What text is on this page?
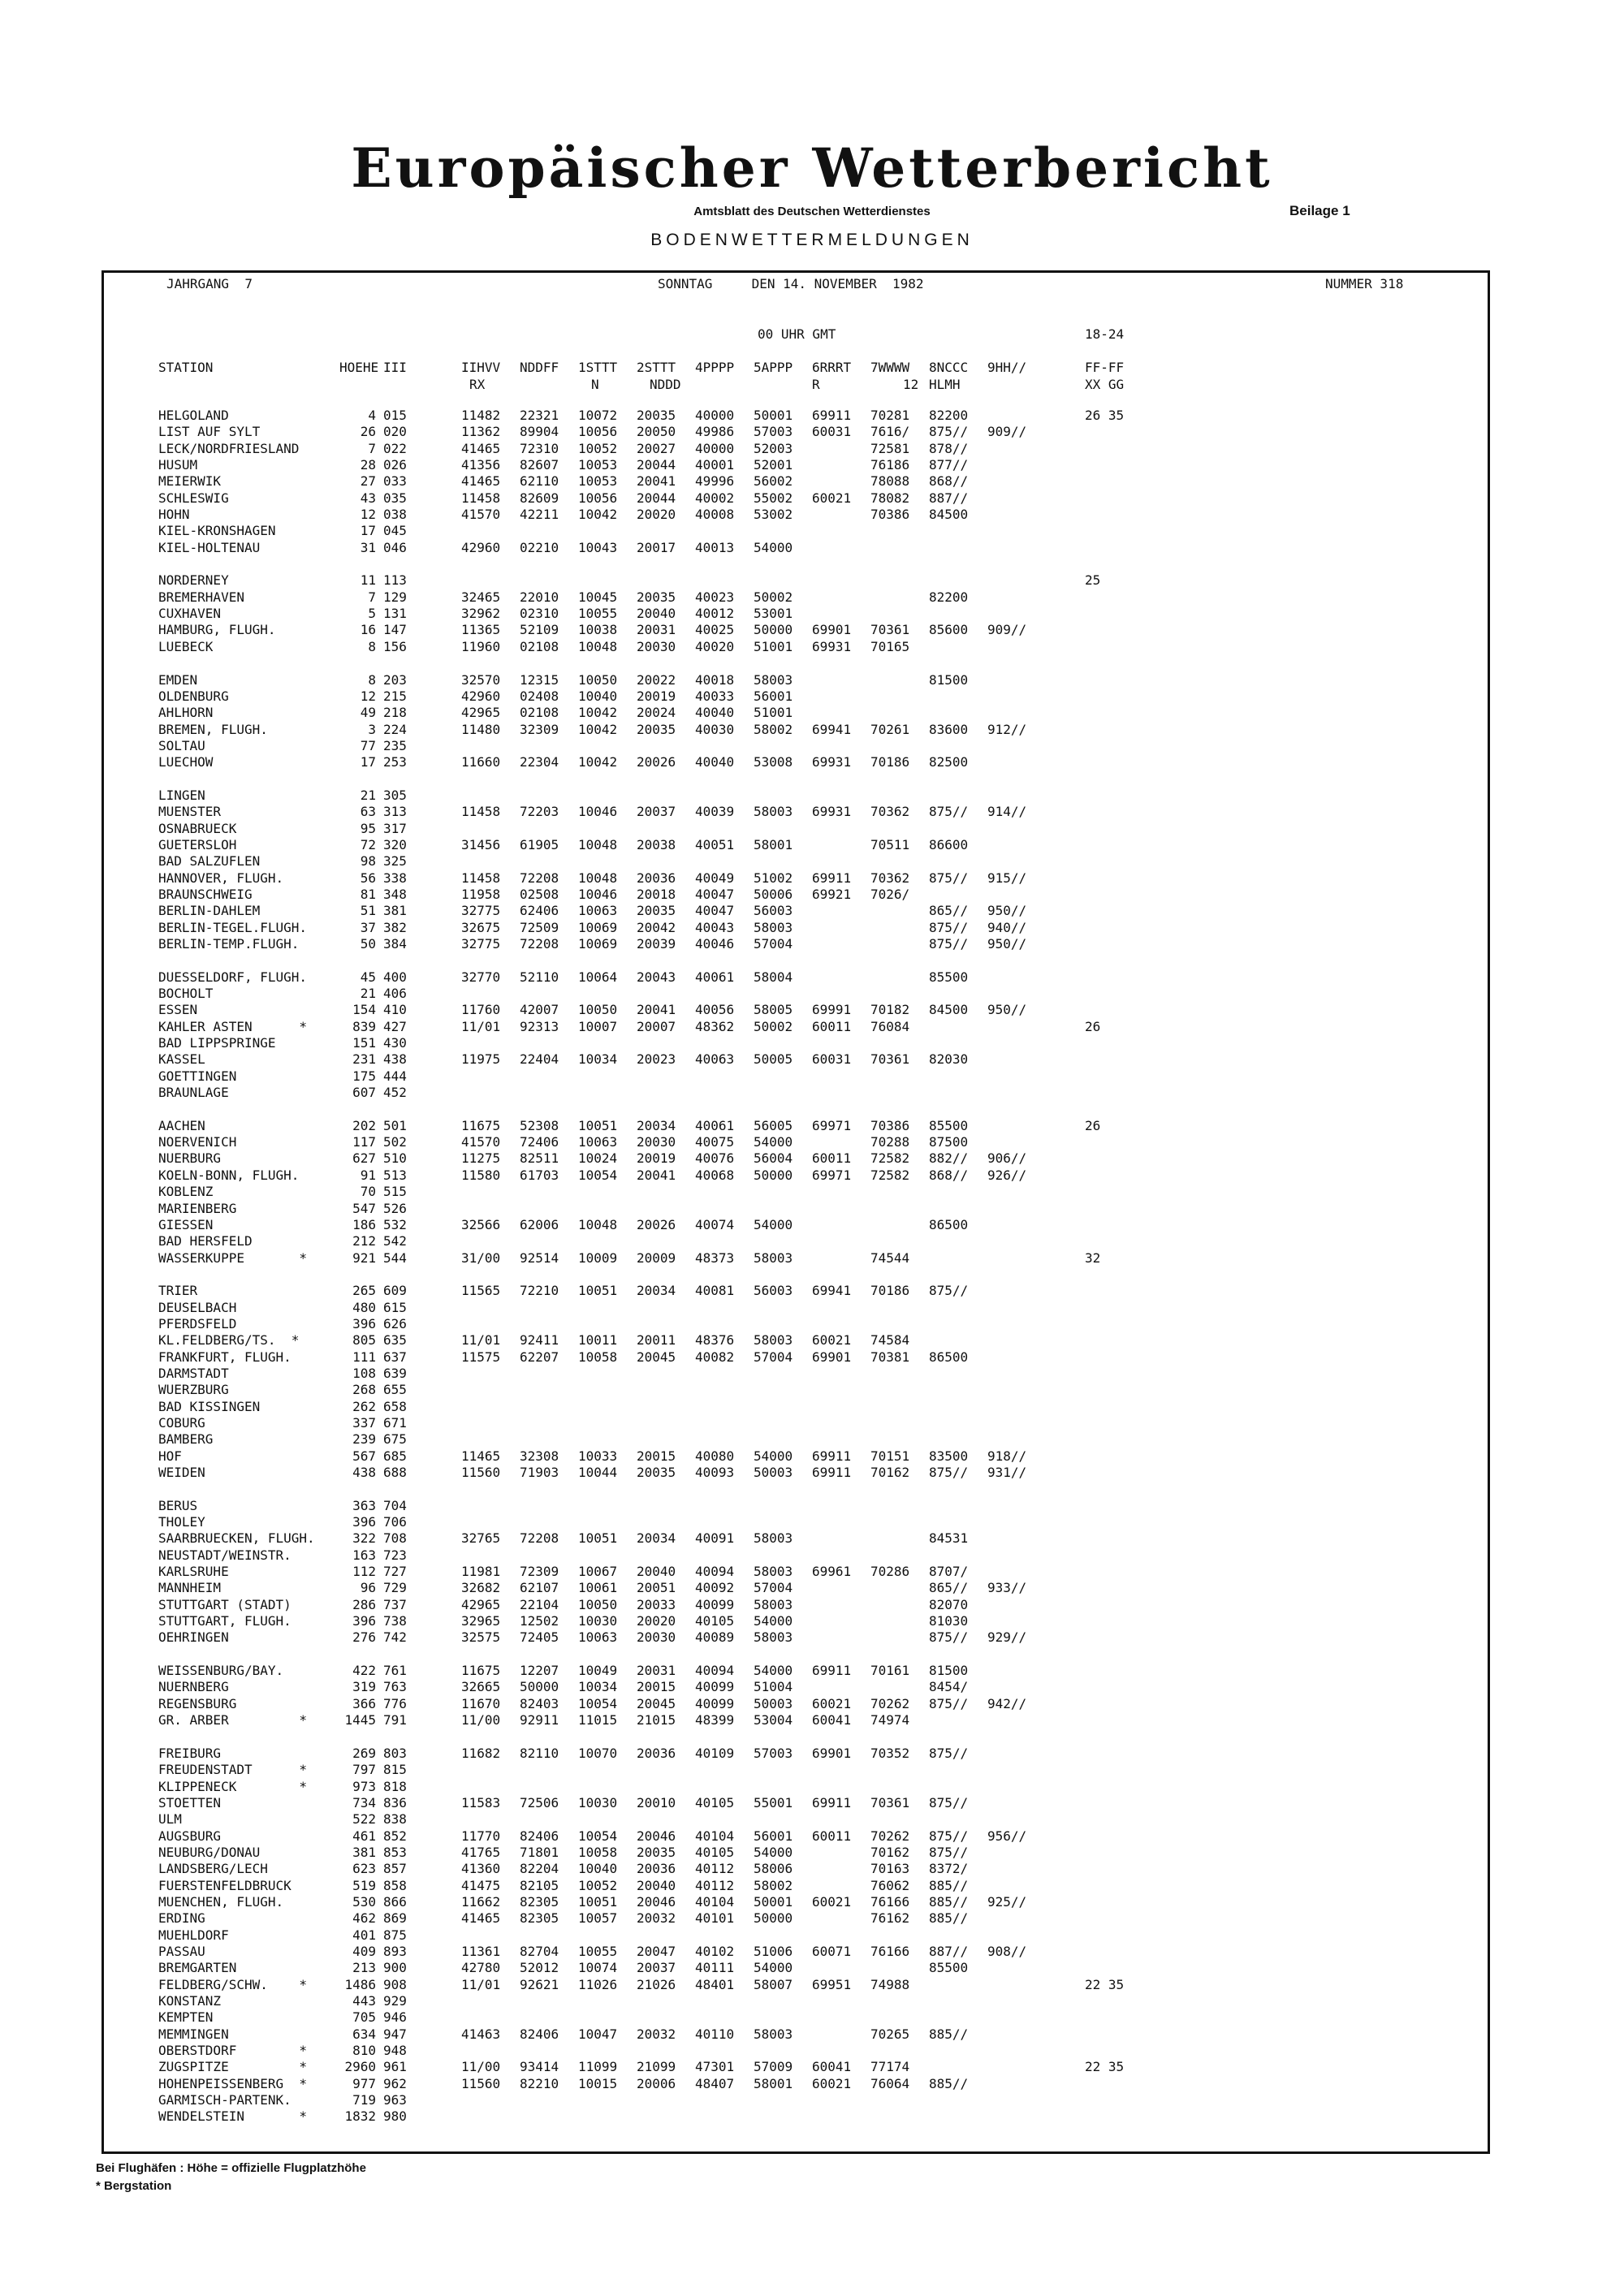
Europäischer Wetterbericht
Amtsblatt des Deutschen Wetterdienstes	Beilage 1
BODENWETTERMELDUNGEN
JAHRGANG  7	SONNTAG     DEN 14. NOVEMBER  1982	NUMMER 318
00 UHR GMT	18-24
STATION	HOEHE III	IIHVV NDDFF 1STTT 2STTT 4PPPP 5APPP 6RRRT 7WWWW 8NCCC 9HH//	FF-FF
RX	N	NDDD	R	12 HLMH	XX GG
HELGOLAND	4 015	11482 22321 10072 20035 40000 50001 69911 70281 82200	26 35
LIST AUF SYLT	26 020	11362 89904 10056 20050 49986 57003 60031 7616/ 875// 909//
LECK/NORDFRIESLAND	7 022	41465 72310 10052 20027 40000 52003	72581 878//
HUSUM	28 026	41356 82607 10053 20044 40001 52001	76186 877//
MEIERWIK	27 033	41465 62110 10053 20041 49996 56002	78088 868//
SCHLESWIG	43 035	11458 82609 10056 20044 40002 55002 60021 78082 887//
HOHN	12 038	41570 42211 10042 20020 40008 53002	70386 84500
KIEL-KRONSHAGEN	17 045
KIEL-HOLTENAU	31 046	42960 02210 10043 20017 40013 54000
NORDERNEY	11 113	25
BREMERHAVEN	7 129	32465 22010 10045 20035 40023 50002	82200
CUXHAVEN	5 131	32962 02310 10055 20040 40012 53001
HAMBURG, FLUGH.	16 147	11365 52109 10038 20031 40025 50000 69901 70361 85600 909//
LUEBECK	8 156	11960 02108 10048 20030 40020 51001 69931 70165
EMDEN	8 203	32570 12315 10050 20022 40018 58003	81500
OLDENBURG	12 215	42960 02408 10040 20019 40033 56001
AHLHORN	49 218	42965 02108 10042 20024 40040 51001
BREMEN, FLUGH.	3 224	11480 32309 10042 20035 40030 58002 69941 70261 83600 912//
SOLTAU	77 235
LUECHOW	17 253	11660 22304 10042 20026 40040 53008 69931 70186 82500
LINGEN	21 305
MUENSTER	63 313	11458 72203 10046 20037 40039 58003 69931 70362 875// 914//
OSNABRUECK	95 317
GUETERSLOH	72 320	31456 61905 10048 20038 40051 58001	70511 86600
BAD SALZUFLEN	98 325
HANNOVER, FLUGH.	56 338	11458 72208 10048 20036 40049 51002 69911 70362 875// 915//
BRAUNSCHWEIG	81 348	11958 02508 10046 20018 40047 50006 69921 7026/
BERLIN-DAHLEM	51 381	32775 62406 10063 20035 40047 56003	865// 950//
BERLIN-TEGEL.FLUGH.	37 382	32675 72509 10069 20042 40043 58003	875// 940//
BERLIN-TEMP.FLUGH.	50 384	32775 72208 10069 20039 40046 57004	875// 950//
DUESSELDORF, FLUGH.	45 400	32770 52110 10064 20043 40061 58004	85500
BOCHOLT	21 406
ESSEN	154 410	11760 42007 10050 20041 40056 58005 69991 70182 84500 950//
KAHLER ASTEN      *	839 427	11/01 92313 10007 20007 48362 50002 60011 76084	26
BAD LIPPSPRINGE	151 430
KASSEL	231 438	11975 22404 10034 20023 40063 50005 60031 70361 82030
GOETTINGEN	175 444
BRAUNLAGE	607 452
AACHEN	202 501	11675 52308 10051 20034 40061 56005 69971 70386 85500	26
NOERVENICH	117 502	41570 72406 10063 20030 40075 54000	70288 87500
NUERBURG	627 510	11275 82511 10024 20019 40076 56004 60011 72582 882// 906//
KOELN-BONN, FLUGH.	91 513	11580 61703 10054 20041 40068 50000 69971 72582 868// 926//
KOBLENZ	70 515
MARIENBERG	547 526
GIESSEN	186 532	32566 62006 10048 20026 40074 54000	86500
BAD HERSFELD	212 542
WASSERKUPPE       *	921 544	31/00 92514 10009 20009 48373 58003	74544	32
TRIER	265 609	11565 72210 10051 20034 40081 56003 69941 70186 875//
DEUSELBACH	480 615
PFERDSFELD	396 626
KL.FELDBERG/TS.  *	805 635	11/01 92411 10011 20011 48376 58003 60021 74584
FRANKFURT, FLUGH.	111 637	11575 62207 10058 20045 40082 57004 69901 70381 86500
DARMSTADT	108 639
WUERZBURG	268 655
BAD KISSINGEN	262 658
COBURG	337 671
BAMBERG	239 675
HOF	567 685	11465 32308 10033 20015 40080 54000 69911 70151 83500 918//
WEIDEN	438 688	11560 71903 10044 20035 40093 50003 69911 70162 875// 931//
BERUS	363 704
THOLEY	396 706
SAARBRUECKEN, FLUGH.	322 708	32765 72208 10051 20034 40091 58003	84531
NEUSTADT/WEINSTR.	163 723
KARLSRUHE	112 727	11981 72309 10067 20040 40094 58003 69961 70286 8707/
MANNHEIM	96 729	32682 62107 10061 20051 40092 57004	865// 933//
STUTTGART (STADT)	286 737	42965 22104 10050 20033 40099 58003	82070
STUTTGART, FLUGH.	396 738	32965 12502 10030 20020 40105 54000	81030
OEHRINGEN	276 742	32575 72405 10063 20030 40089 58003	875// 929//
WEISSENBURG/BAY.	422 761	11675 12207 10049 20031 40094 54000 69911 70161 81500
NUERNBERG	319 763	32665 50000 10034 20015 40099 51004	8454/
REGENSBURG	366 776	11670 82403 10054 20045 40099 50003 60021 70262 875// 942//
GR. ARBER         *	1445 791	11/00 92911 11015 21015 48399 53004 60041 74974
FREIBURG	269 803	11682 82110 10070 20036 40109 57003 69901 70352 875//
FREUDENSTADT      *	797 815
KLIPPENECK        *	973 818
STOETTEN	734 836	11583 72506 10030 20010 40105 55001 69911 70361 875//
ULM	522 838
AUGSBURG	461 852	11770 82406 10054 20046 40104 56001 60011 70262 875// 956//
NEUBURG/DONAU	381 853	41765 71801 10058 20035 40105 54000	70162 875//
LANDSBERG/LECH	623 857	41360 82204 10040 20036 40112 58006	70163 8372/
FUERSTENFELDBRUCK	519 858	41475 82105 10052 20040 40112 58002	76062 885//
MUENCHEN, FLUGH.	530 866	11662 82305 10051 20046 40104 50001 60021 76166 885// 925//
ERDING	462 869	41465 82305 10057 20032 40101 50000	76162 885//
MUEHLDORF	401 875
PASSAU	409 893	11361 82704 10055 20047 40102 51006 60071 76166 887// 908//
BREMGARTEN	213 900	42780 52012 10074 20037 40111 54000	85500
FELDBERG/SCHW.    *	1486 908	11/01 92621 11026 21026 48401 58007 69951 74988	22 35
KONSTANZ	443 929
KEMPTEN	705 946
MEMMINGEN	634 947	41463 82406 10047 20032 40110 58003	70265 885//
OBERSTDORF        *	810 948
ZUGSPITZE         *	2960 961	11/00 93414 11099 21099 47301 57009 60041 77174	22 35
HOHENPEISSENBERG  *	977 962	11560 82210 10015 20006 48407 58001 60021 76064 885//
GARMISCH-PARTENK.	719 963
WENDELSTEIN       *	1832 980
Bei Flughäfen : Höhe = offizielle Flugplatzhöhe
* Bergstation
